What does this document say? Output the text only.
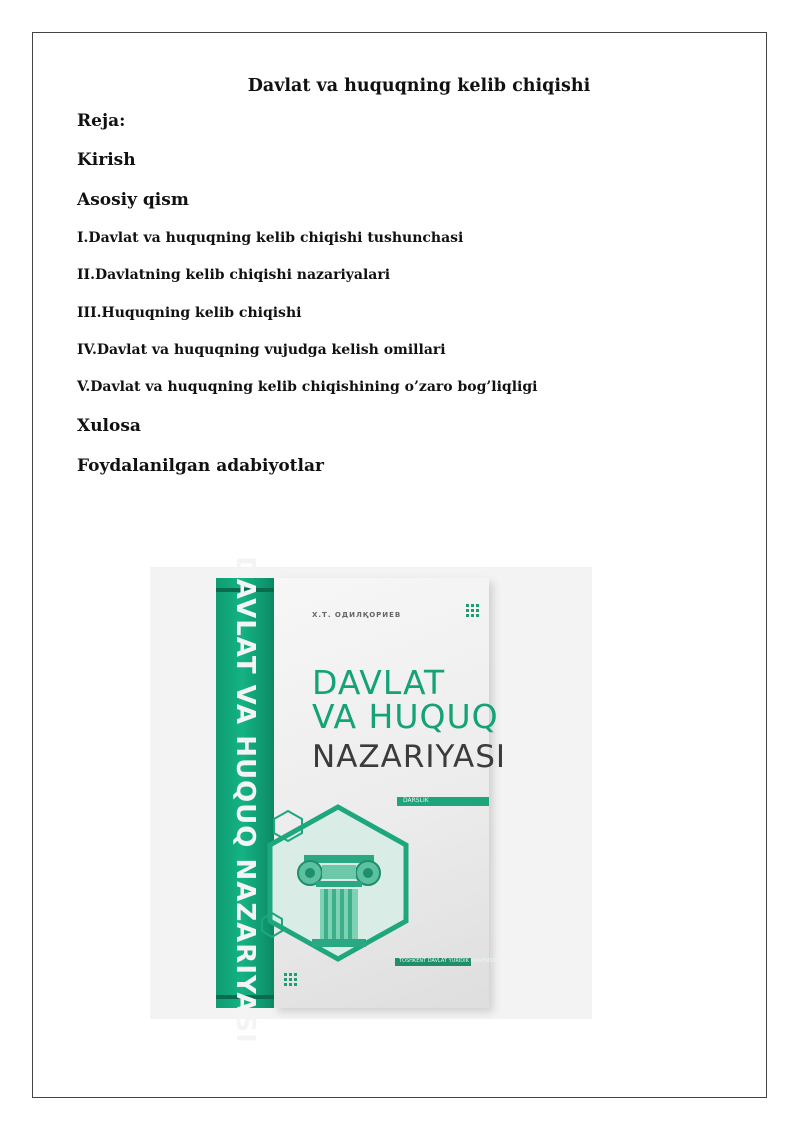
Davlat va huquqning kelib chiqishi
Reja:
Kirish
Asosiy qism
I.Davlat va huquqning kelib chiqishi tushunchasi
II.Davlatning kelib chiqishi nazariyalari
III.Huquqning kelib chiqishi
IV.Davlat va huquqning vujudga kelish omillari
V.Davlat va huquqning kelib chiqishining o’zaro bog’liqligi
Xulosa
Foydalanilgan adabiyotlar
DAVLAT VA HUQUQ NAZARIYASI	Х.Т. ОДИЛҚОРИЕВ
DAVLAT
VA HUQUQ
NAZARIYASI
DARSLIK
TOSHKENT DAVLAT YURIDIK UNIVERSITETI
